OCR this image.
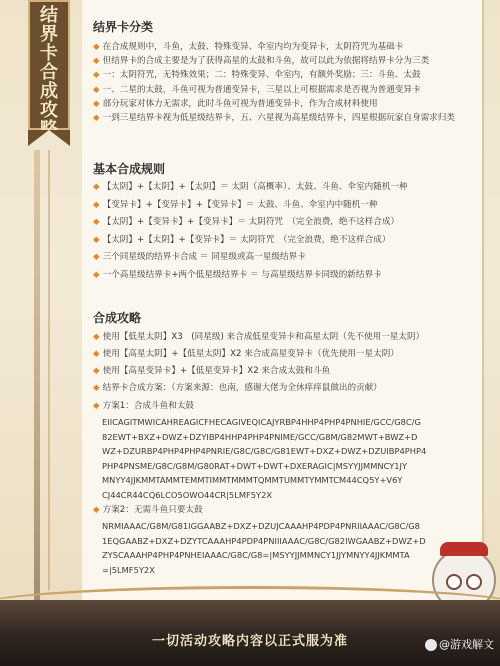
结
界
卡
合
成
攻
略
结界卡分类
◆ 在合成规则中，斗鱼，太鼓、特殊变异、伞室内均为变异卡，太阴符咒为基础卡
◆ 但结界卡的合成主要是为了获得高星的太鼓和斗鱼，故可以此为依据将结界卡分为三类
◆ 一：太阴符咒，无特殊效果；二：特殊变异、伞室内，有额外奖励；三：斗鱼、太鼓
◆ 一、二星的太鼓，斗鱼可视为普通变异卡，三星以上可根据需求是否视为普通变异卡
◆ 部分玩家对体力无需求，此时斗鱼可视为普通变异卡，作为合成材料使用
◆ 一到三星结界卡视为低星级结界卡，五、六星视为高星级结界卡，四星根据玩家自身需求归类
基本合成规则
◆ 【太阴】+【太阴】+【太阴】＝ 太阴（高概率）、太鼓、斗鱼、伞室内随机一种
◆ 【变异卡】+【变异卡】+【变异卡】＝ 太鼓、斗鱼、伞室内中随机一种
◆ 【太阴】+【变异卡】+【变异卡】＝ 太阴符咒　（完全浪费，绝不这样合成）
◆ 【太阴】+【太阴】+【变异卡】＝ 太阴符咒　（完全浪费，绝不这样合成）
◆ 三个同星级的结界卡合成 ＝ 同星级或高一星级结界卡
◆ 一个高星级结界卡+两个低星级结界卡 ＝ 与高星级结界卡同级的新结界卡
合成攻略
◆ 使用【低星太阴】X3　(同星级) 来合成低星变异卡和高星太阴（先不使用一星太阴）
◆ 使用【高星太阴】+【低星太阴】X2 来合成高星变异卡（优先使用一星太阴）
◆ 使用【高星变异卡】+【低星变异卡】X2 来合成太鼓和斗鱼
◆ 结界卡合成方案：（方案来源：也南，感谢大佬为全休痒痒鼠做出的贡献）
◆ 方案1：合成斗鱼和太鼓
EIICAGITMWICAHREAGICFHECAGIVEQICAJYRBP4HHP4PHP4PNHIE/GCC/G8C/G
82EWT+BXZ+DWZ+DZYIBP4HHP4PHP4PNIME/GCC/G8M/G82MWT+BWZ+D
WZ+DZURBP4PHP4PHP4PNRIE/G8C/G8C/G81EWT+DXZ+DWZ+DZUIBP4PHP4
PHP4PNSME/G8C/G8M/G80RAT+DWT+DWT+DXERAGIC|MSYYJJMMNCY1JY
MNYY4JJKMMTAMMTEMMTIMMTMMMTQMMTUMMTYMMTCM44CQ5Y+V6Y
CJ44CR44CQ6LCO5OWO44CR|5LMF5Y2X
◆ 方案2：无需斗鱼只要太鼓
NRMIAAAC/G8M/G81IGGAABZ+DXZ+DZUJCAAAHP4PDP4PNRIIAAAC/G8C/G8
1EQGAABZ+DXZ+DZYTCAAAHP4PDP4PNIIIAAAC/G8C/G82IWGAABZ+DWZ+D
ZYSCAAAHP4PHP4PNHEIAAAC/G8C/G8=|MSYYJJMMNCY1JJYMNYY4JJKMMTA
=|5LMF5Y2X
一切活动攻略内容以正式服为准	@游戏解文
